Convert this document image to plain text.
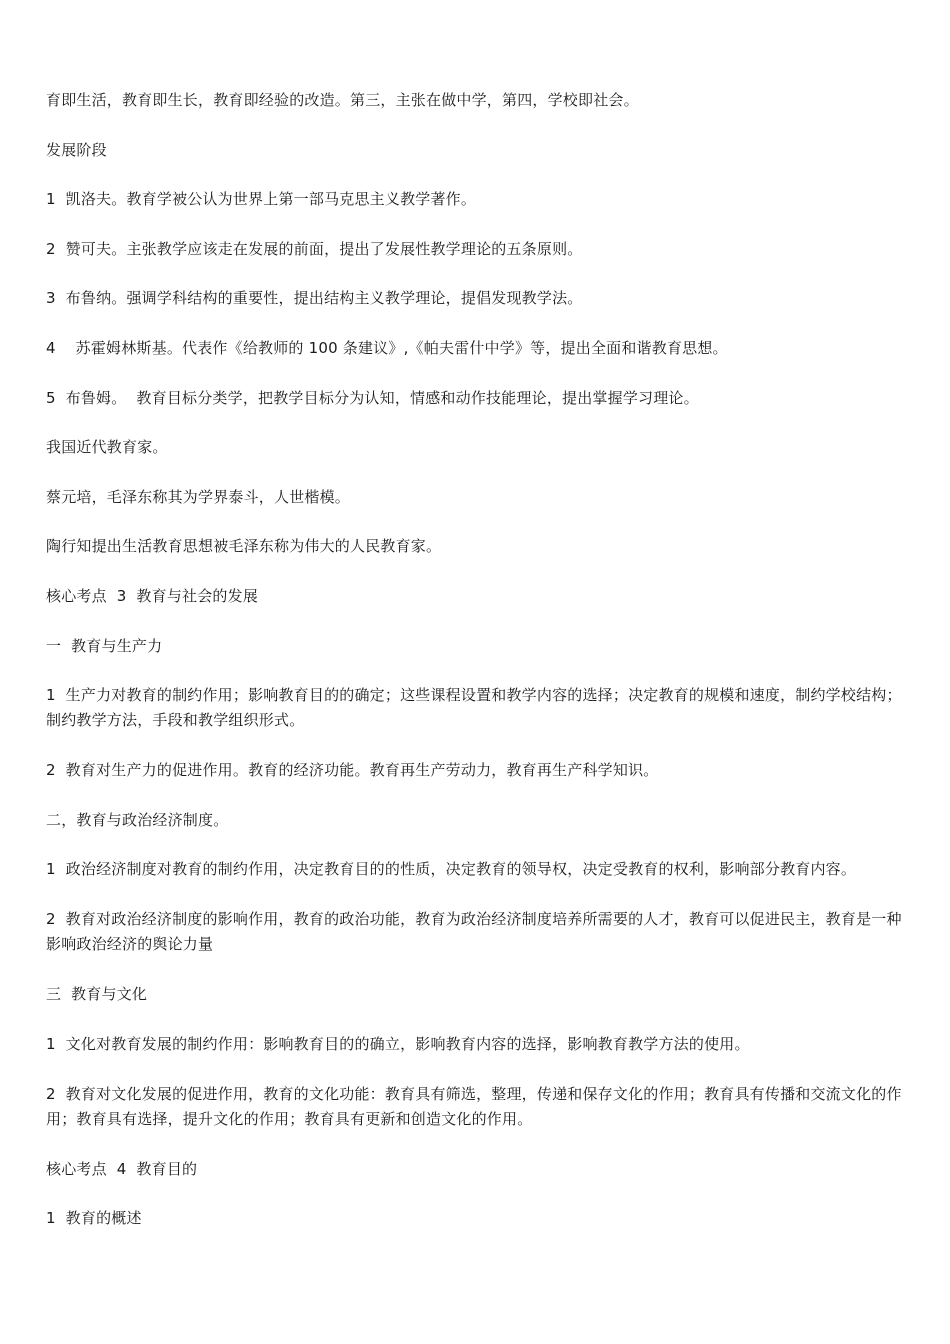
育即生活，教育即生长，教育即经验的改造。第三，主张在做中学，第四，学校即社会。

发展阶段

1  凯洛夫。教育学被公认为世界上第一部马克思主义教学著作。

2  赞可夫。主张教学应该走在发展的前面，提出了发展性教学理论的五条原则。

3  布鲁纳。强调学科结构的重要性，提出结构主义教学理论，提倡发现教学法。

4    苏霍姆林斯基。代表作《给教师的 100 条建议》,《帕夫雷什中学》等，提出全面和谐教育思想。

5  布鲁姆。  教育目标分类学，把教学目标分为认知，情感和动作技能理论，提出掌握学习理论。

我国近代教育家。

蔡元培，毛泽东称其为学界泰斗，人世楷模。

陶行知提出生活教育思想被毛泽东称为伟大的人民教育家。

核心考点  3  教育与社会的发展

一  教育与生产力

1  生产力对教育的制约作用；影响教育目的的确定；这些课程设置和教学内容的选择；决定教育的规模和速度，制约学校结构；制约教学方法，手段和教学组织形式。

2  教育对生产力的促进作用。教育的经济功能。教育再生产劳动力，教育再生产科学知识。

二，教育与政治经济制度。

1  政治经济制度对教育的制约作用，决定教育目的的性质，决定教育的领导权，决定受教育的权利，影响部分教育内容。

2  教育对政治经济制度的影响作用，教育的政治功能，教育为政治经济制度培养所需要的人才，教育可以促进民主，教育是一种影响政治经济的舆论力量

三  教育与文化

1  文化对教育发展的制约作用：影响教育目的的确立，影响教育内容的选择，影响教育教学方法的使用。

2  教育对文化发展的促进作用，教育的文化功能：教育具有筛选，整理，传递和保存文化的作用；教育具有传播和交流文化的作用；教育具有选择，提升文化的作用；教育具有更新和创造文化的作用。

核心考点  4  教育目的

1  教育的概述
